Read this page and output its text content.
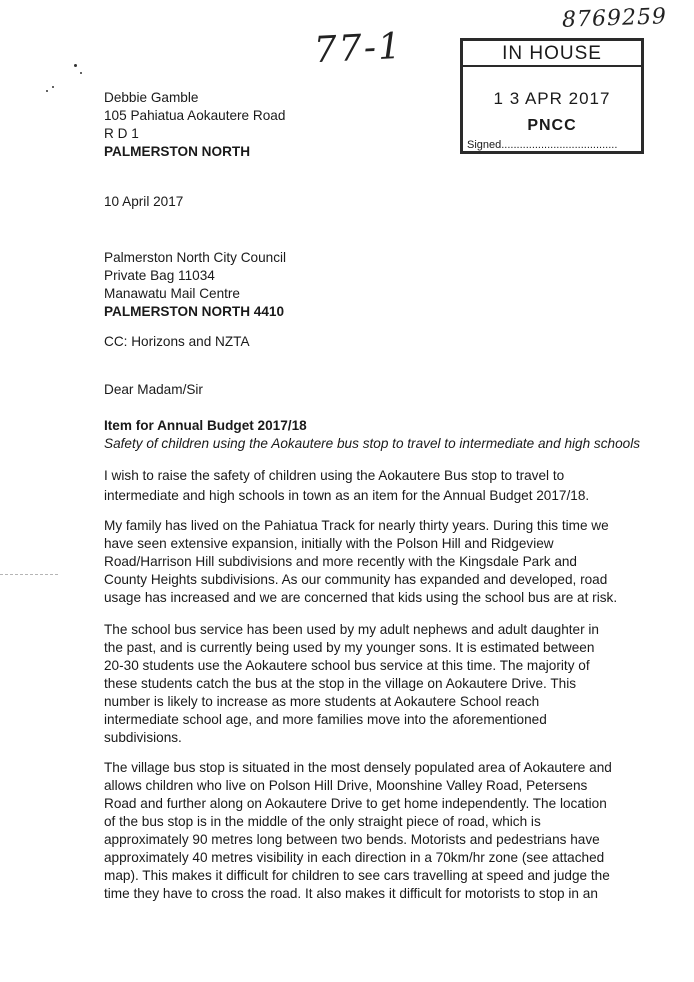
8769259
77-1	IN HOUSE
1 3 APR 2017
PNCC
Signed......................................

Debbie Gamble

105 Pahiatua Aokautere Road

R D 1

PALMERSTON NORTH

10 April 2017

Palmerston North City Council

Private Bag 11034

Manawatu Mail Centre

PALMERSTON NORTH 4410

CC: Horizons and NZTA

Dear Madam/Sir

Item for Annual Budget 2017/18

Safety of children using the Aokautere bus stop to travel to intermediate and high schools

I wish to raise the safety of children using the Aokautere Bus stop to travel to

intermediate and high schools in town as an item for the Annual Budget 2017/18.

My family has lived on the Pahiatua Track for nearly thirty years. During this time we

have seen extensive expansion, initially with the Polson Hill and Ridgeview

Road/Harrison Hill subdivisions and more recently with the Kingsdale Park and

County Heights subdivisions. As our community has expanded and developed, road

usage has increased and we are concerned that kids using the school bus are at risk.

The school bus service has been used by my adult nephews and adult daughter in

the past, and is currently being used by my younger sons. It is estimated between

20-30 students use the Aokautere school bus service at this time. The majority of

these students catch the bus at the stop in the village on Aokautere Drive. This

number is likely to increase as more students at Aokautere School reach

intermediate school age, and more families move into the aforementioned

subdivisions.

The village bus stop is situated in the most densely populated area of Aokautere and

allows children who live on Polson Hill Drive, Moonshine Valley Road, Petersens

Road and further along on Aokautere Drive to get home independently. The location

of the bus stop is in the middle of the only straight piece of road, which is

approximately 90 metres long between two bends. Motorists and pedestrians have

approximately 40 metres visibility in each direction in a 70km/hr zone (see attached

map). This makes it difficult for children to see cars travelling at speed and judge the

time they have to cross the road. It also makes it difficult for motorists to stop in an
